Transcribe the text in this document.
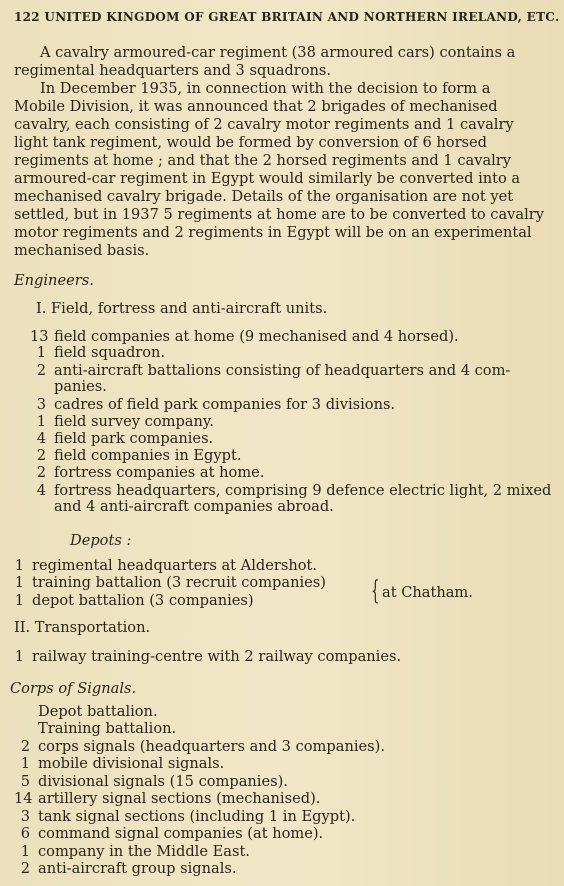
122 UNITED KINGDOM OF GREAT BRITAIN AND NORTHERN IRELAND, ETC.
A cavalry armoured-car regiment (38 armoured cars) contains a
regimental headquarters and 3 squadrons.
In December 1935, in connection with the decision to form a
Mobile Division, it was announced that 2 brigades of mechanised
cavalry, each consisting of 2 cavalry motor regiments and 1 cavalry
light tank regiment, would be formed by conversion of 6 horsed
regiments at home ; and that the 2 horsed regiments and 1 cavalry
armoured-car regiment in Egypt would similarly be converted into a
mechanised cavalry brigade. Details of the organisation are not yet
settled, but in 1937 5 regiments at home are to be converted to cavalry
motor regiments and 2 regiments in Egypt will be on an experimental
mechanised basis.
Engineers.
I. Field, fortress and anti-aircraft units.
13 field companies at home (9 mechanised and 4 horsed).
1 field squadron.
2 anti-aircraft battalions consisting of headquarters and 4 com-
panies.
3 cadres of field park companies for 3 divisions.
1 field survey company.
4 field park companies.
2 field companies in Egypt.
2 fortress companies at home.
4 fortress headquarters, comprising 9 defence electric light, 2 mixed
and 4 anti-aircraft companies abroad.
Depots :
1 regimental headquarters at Aldershot.
1 training battalion (3 recruit companies)
1 depot battalion (3 companies)	{ at Chatham.
II. Transportation.
1 railway training-centre with 2 railway companies.
Corps of Signals.
Depot battalion.
Training battalion.
2 corps signals (headquarters and 3 companies).
1 mobile divisional signals.
5 divisional signals (15 companies).
14 artillery signal sections (mechanised).
3 tank signal sections (including 1 in Egypt).
6 command signal companies (at home).
1 company in the Middle East.
2 anti-aircraft group signals.
